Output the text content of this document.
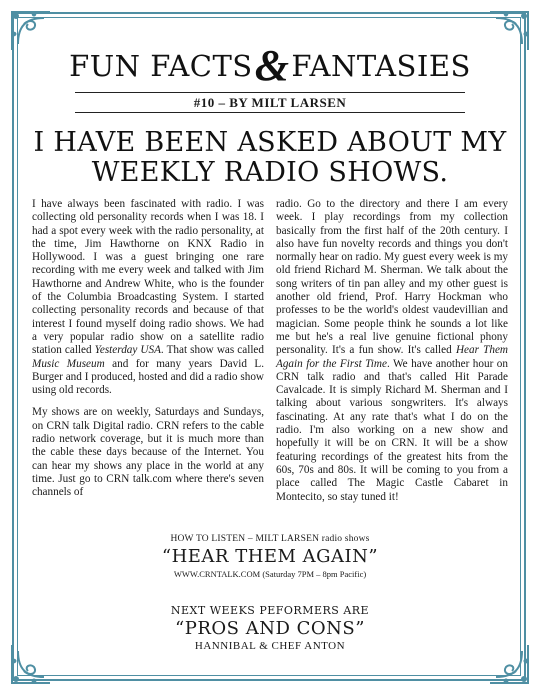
FUN FACTS&FANTASIES
#10 – BY MILT LARSEN
I HAVE BEEN ASKED ABOUT MY WEEKLY RADIO SHOWS.

I have always been fascinated with radio. I was collecting old personality records when I was 18. I had a spot every week with the radio personality, at the time, Jim Hawthorne on KNX Radio in Hollywood. I was a guest bringing one rare recording with me every week and talked with Jim Hawthorne and Andrew White, who is the founder of the Columbia Broadcasting System. I started collecting personality records and because of that interest I found myself doing radio shows. We had a very popular radio show on a satellite radio station called Yesterday USA. That show was called Music Museum and for many years David L. Burger and I produced, hosted and did a radio show using old records.

My shows are on weekly, Saturdays and Sundays, on CRN talk Digital radio. CRN refers to the cable radio network coverage, but it is much more than the cable these days because of the Internet. You can hear my shows any place in the world at any time. Just go to CRN talk.com where there's seven channels of

radio. Go to the directory and there I am every week. I play recordings from my collection basically from the first half of the 20th century. I also have fun novelty records and things you don't normally hear on radio. My guest every week is my old friend Richard M. Sherman. We talk about the song writers of tin pan alley and my other guest is another old friend, Prof. Harry Hockman who professes to be the world's oldest vaudevillian and magician. Some people think he sounds a lot like me but he's a real live genuine fictional phony personality. It's a fun show. It's called Hear Them Again for the First Time. We have another hour on CRN talk radio and that's called Hit Parade Cavalcade. It is simply Richard M. Sherman and I talking about various songwriters. It's always fascinating. At any rate that's what I do on the radio. I'm also working on a new show and hopefully it will be on CRN. It will be a show featuring recordings of the greatest hits from the 60s, 70s and 80s. It will be coming to you from a place called The Magic Castle Cabaret in Montecito, so stay tuned it!

HOW TO LISTEN – MILT LARSEN radio shows
“HEAR THEM AGAIN”
WWW.CRNTALK.COM (Saturday 7PM – 8pm Pacific)
NEXT WEEKS PEFORMERS ARE
“PROS AND CONS”
HANNIBAL & CHEF ANTON
